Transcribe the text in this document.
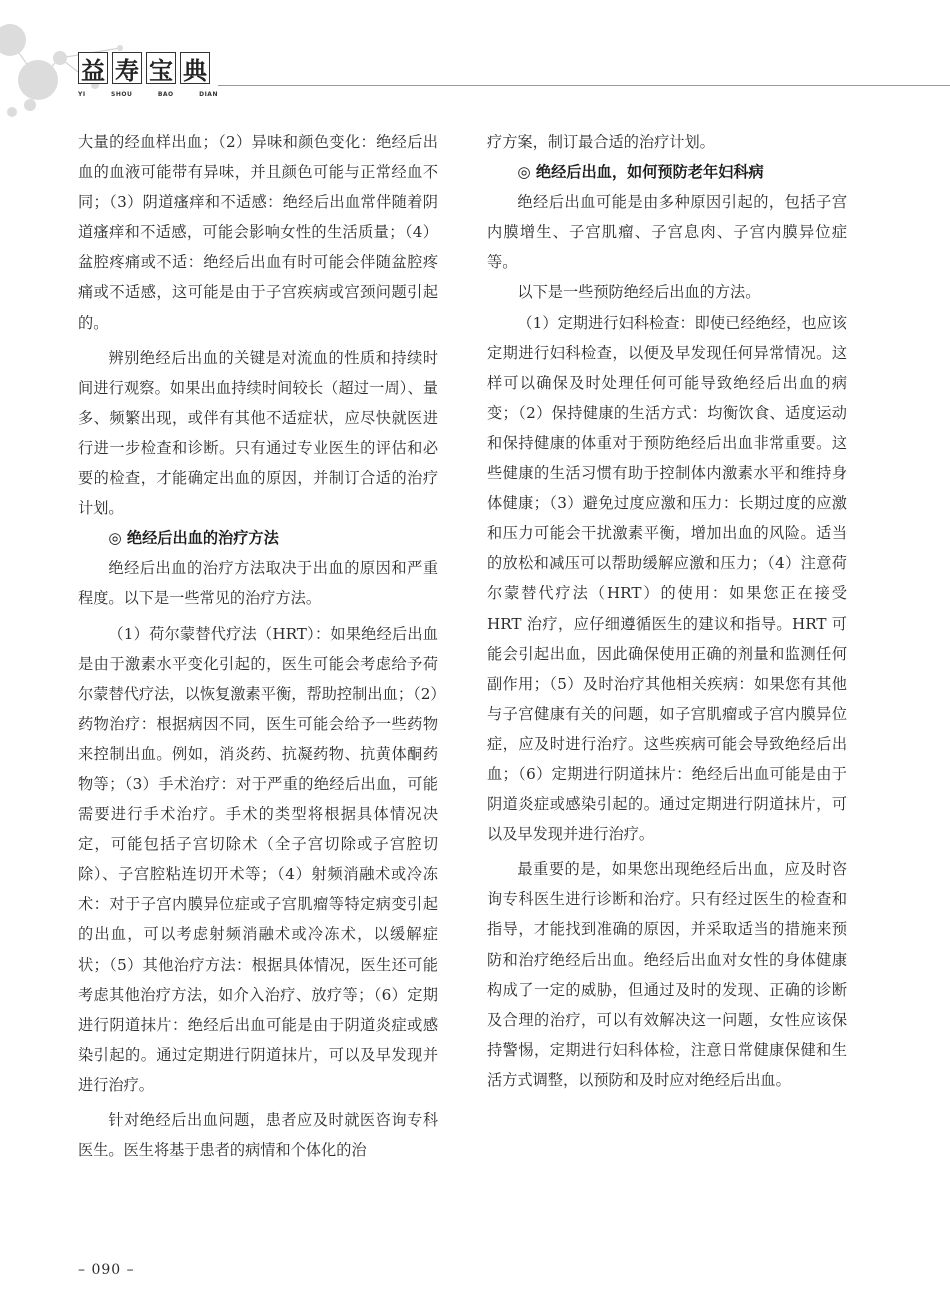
益 寿 宝 典
YI	SHOU	BAO	DIAN

大量的经血样出血；（2）异味和颜色变化：绝经后出血的血液可能带有异味，并且颜色可能与正常经血不同；（3）阴道瘙痒和不适感：绝经后出血常伴随着阴道瘙痒和不适感，可能会影响女性的生活质量；（4）盆腔疼痛或不适：绝经后出血有时可能会伴随盆腔疼痛或不适感，这可能是由于子宫疾病或宫颈问题引起的。

辨别绝经后出血的关键是对流血的性质和持续时间进行观察。如果出血持续时间较长（超过一周）、量多、频繁出现，或伴有其他不适症状，应尽快就医进行进一步检查和诊断。只有通过专业医生的评估和必要的检查，才能确定出血的原因，并制订合适的治疗计划。

◎ 绝经后出血的治疗方法

绝经后出血的治疗方法取决于出血的原因和严重程度。以下是一些常见的治疗方法。

（1）荷尔蒙替代疗法（HRT）：如果绝经后出血是由于激素水平变化引起的，医生可能会考虑给予荷尔蒙替代疗法，以恢复激素平衡，帮助控制出血；（2）药物治疗：根据病因不同，医生可能会给予一些药物来控制出血。例如，消炎药、抗凝药物、抗黄体酮药物等；（3）手术治疗：对于严重的绝经后出血，可能需要进行手术治疗。手术的类型将根据具体情况决定，可能包括子宫切除术（全子宫切除或子宫腔切除）、子宫腔粘连切开术等；（4）射频消融术或冷冻术：对于子宫内膜异位症或子宫肌瘤等特定病变引起的出血，可以考虑射频消融术或冷冻术，以缓解症状；（5）其他治疗方法：根据具体情况，医生还可能考虑其他治疗方法，如介入治疗、放疗等；（6）定期进行阴道抹片：绝经后出血可能是由于阴道炎症或感染引起的。通过定期进行阴道抹片，可以及早发现并进行治疗。

针对绝经后出血问题，患者应及时就医咨询专科医生。医生将基于患者的病情和个体化的治

疗方案，制订最合适的治疗计划。

◎ 绝经后出血，如何预防老年妇科病

绝经后出血可能是由多种原因引起的，包括子宫内膜增生、子宫肌瘤、子宫息肉、子宫内膜异位症等。

以下是一些预防绝经后出血的方法。

（1）定期进行妇科检查：即使已经绝经，也应该定期进行妇科检查，以便及早发现任何异常情况。这样可以确保及时处理任何可能导致绝经后出血的病变；（2）保持健康的生活方式：均衡饮食、适度运动和保持健康的体重对于预防绝经后出血非常重要。这些健康的生活习惯有助于控制体内激素水平和维持身体健康；（3）避免过度应激和压力：长期过度的应激和压力可能会干扰激素平衡，增加出血的风险。适当的放松和减压可以帮助缓解应激和压力；（4）注意荷尔蒙替代疗法（HRT）的使用：如果您正在接受 HRT 治疗，应仔细遵循医生的建议和指导。HRT 可能会引起出血，因此确保使用正确的剂量和监测任何副作用；（5）及时治疗其他相关疾病：如果您有其他与子宫健康有关的问题，如子宫肌瘤或子宫内膜异位症，应及时进行治疗。这些疾病可能会导致绝经后出血；（6）定期进行阴道抹片：绝经后出血可能是由于阴道炎症或感染引起的。通过定期进行阴道抹片，可以及早发现并进行治疗。

最重要的是，如果您出现绝经后出血，应及时咨询专科医生进行诊断和治疗。只有经过医生的检查和指导，才能找到准确的原因，并采取适当的措施来预防和治疗绝经后出血。绝经后出血对女性的身体健康构成了一定的威胁，但通过及时的发现、正确的诊断及合理的治疗，可以有效解决这一问题，女性应该保持警惕，定期进行妇科体检，注意日常健康保健和生活方式调整，以预防和及时应对绝经后出血。

– 090 –
